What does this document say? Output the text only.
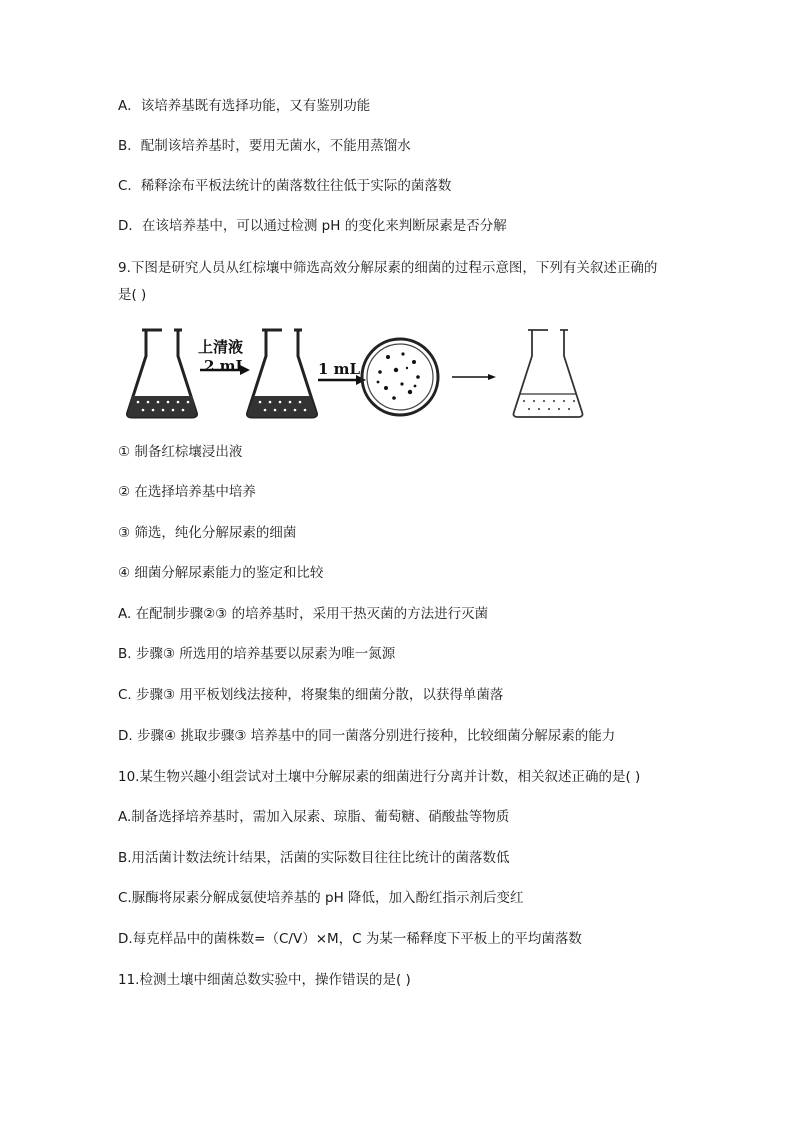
A．该培养基既有选择功能，又有鉴别功能
B．配制该培养基时，要用无菌水，不能用蒸馏水
C．稀释涂布平板法统计的菌落数往往低于实际的菌落数
D．在该培养基中，可以通过检测 pH 的变化来判断尿素是否分解
9.下图是研究人员从红棕壤中筛选高效分解尿素的细菌的过程示意图，下列有关叙述正确的
是( )
上清液
2 mL	1 mL
① 制备红棕壤浸出液
② 在选择培养基中培养
③ 筛选，纯化分解尿素的细菌
④ 细菌分解尿素能力的鉴定和比较
A. 在配制步骤②③ 的培养基时，采用干热灭菌的方法进行灭菌
B. 步骤③ 所选用的培养基要以尿素为唯一氮源
C. 步骤③ 用平板划线法接种，将聚集的细菌分散，以获得单菌落
D. 步骤④ 挑取步骤③ 培养基中的同一菌落分别进行接种，比较细菌分解尿素的能力
10.某生物兴趣小组尝试对土壤中分解尿素的细菌进行分离并计数，相关叙述正确的是( )
A.制备选择培养基时，需加入尿素、琼脂、葡萄糖、硝酸盐等物质
B.用活菌计数法统计结果，活菌的实际数目往往比统计的菌落数低
C.脲酶将尿素分解成氨使培养基的 pH 降低，加入酚红指示剂后变红
D.每克样品中的菌株数=（C/V）×M，C 为某一稀释度下平板上的平均菌落数
11.检测土壤中细菌总数实验中，操作错误的是( )
